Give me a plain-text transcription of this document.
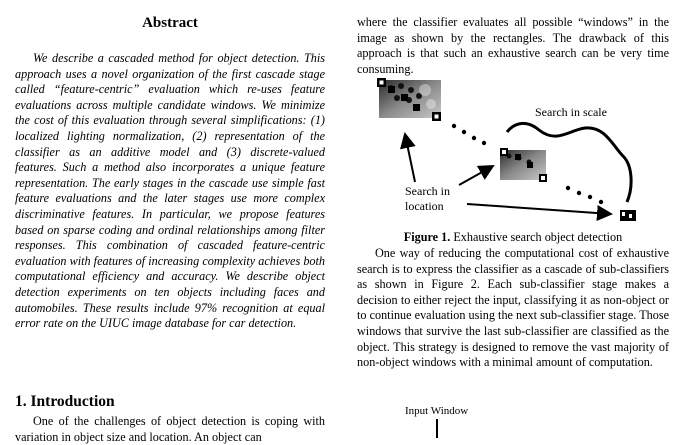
Abstract

We describe a cascaded method for object detection. This approach uses a novel organization of the first cascade stage called “feature-centric” evaluation which re-uses feature evaluations across multiple candidate windows. We minimize the cost of this evaluation through several simplifications: (1) localized lighting normalization, (2) representation of the classifier as an additive model and (3) discrete-valued features. Such a method also incorporates a unique feature representation. The early stages in the cascade use simple fast feature evaluations and the later stages use more complex discriminative features. In particular, we propose features based on sparse coding and ordinal relationships among filter responses. This combination of cascaded feature-centric evaluation with features of increasing complexity achieves both computational efficiency and accuracy. We describe object detection experiments on ten objects including faces and automobiles. These results include 97% recognition at equal error rate on the UIUC image database for car detection.

1. Introduction

One of the challenges of object detection is coping with variation in object size and location. An object can

where the classifier evaluates all possible “windows” in the image as shown by the rectangles. The drawback of this approach is that such an exhaustive search can be very time consuming.

Search in scale
Search in
location

Figure 1. Exhaustive search object detection

One way of reducing the computational cost of exhaustive search is to express the classifier as a cascade of sub-classifiers as shown in Figure 2. Each sub-classifier stage makes a decision to either reject the input, classifying it as non-object or to continue evaluation using the next sub-classifier stage. Those windows that survive the last sub-classifier are classified as the object. This strategy is designed to remove the vast majority of non-object windows with a minimal amount of computation.

Input Window
